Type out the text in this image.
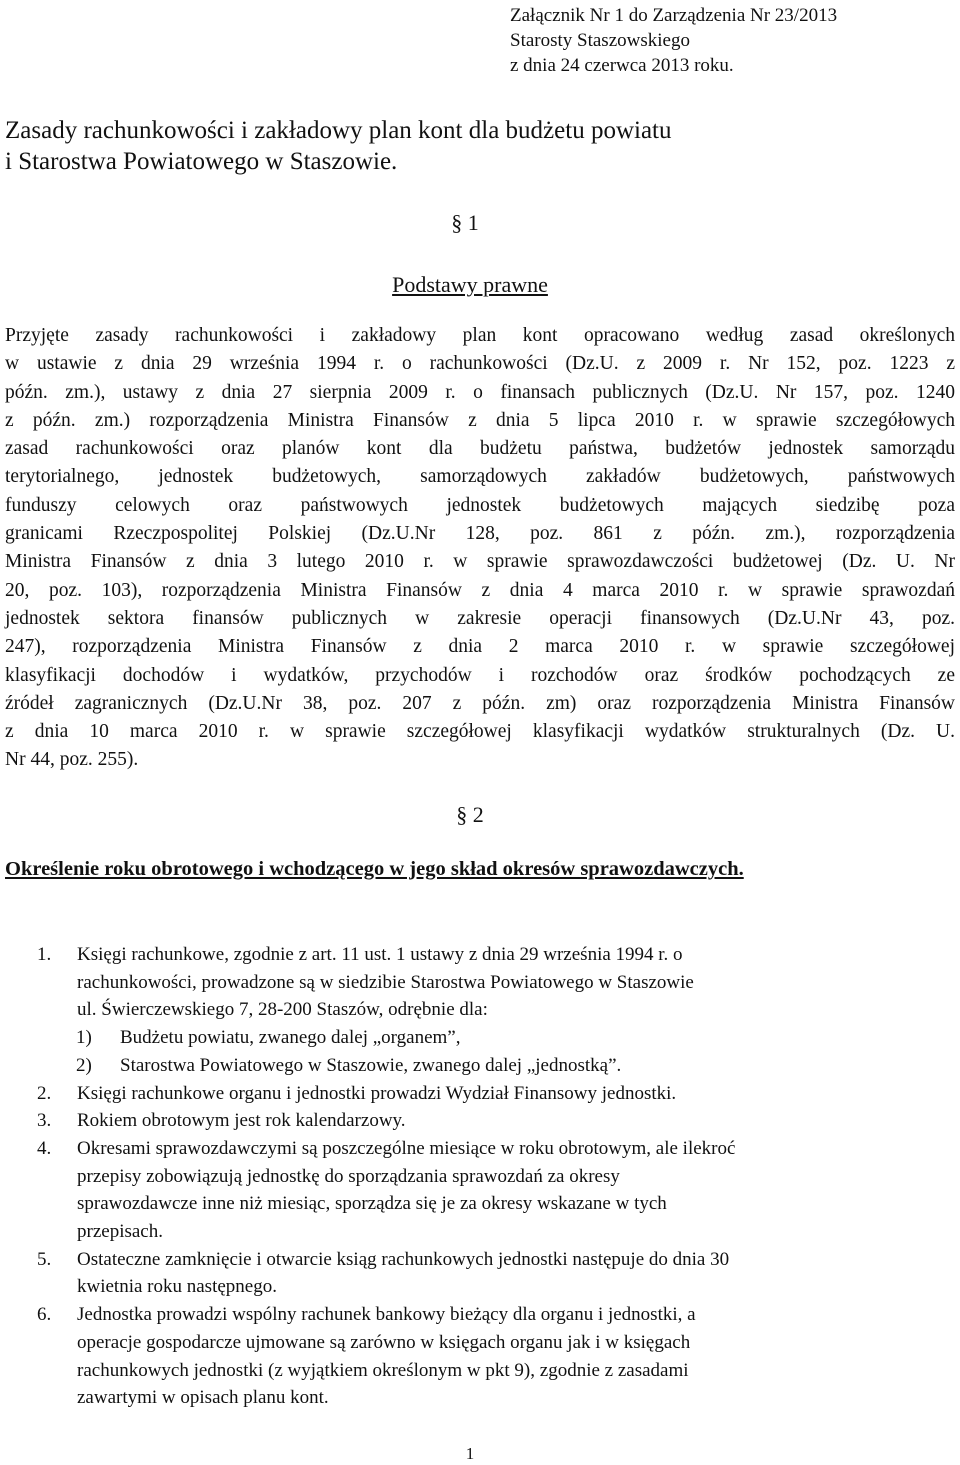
Załącznik Nr 1 do Zarządzenia Nr 23/2013
Starosty Staszowskiego
z dnia 24 czerwca 2013 roku.
Zasady rachunkowości i zakładowy plan kont dla budżetu powiatu
i Starostwa Powiatowego w Staszowie.
§ 1
Podstawy prawne
Przyjęte zasady rachunkowości i zakładowy plan kont opracowano według zasad określonych
w ustawie z dnia 29 września 1994 r. o rachunkowości (Dz.U. z 2009 r. Nr 152, poz. 1223 z
późn. zm.), ustawy z dnia 27 sierpnia 2009 r. o finansach publicznych (Dz.U. Nr 157, poz. 1240
z późn. zm.) rozporządzenia Ministra Finansów z dnia 5 lipca 2010 r. w sprawie szczegółowych
zasad rachunkowości oraz planów kont dla budżetu państwa, budżetów jednostek samorządu
terytorialnego, jednostek budżetowych, samorządowych zakładów budżetowych, państwowych
funduszy celowych oraz państwowych jednostek budżetowych mających siedzibę poza
granicami Rzeczpospolitej Polskiej (Dz.U.Nr 128, poz. 861 z późn. zm.), rozporządzenia
Ministra Finansów z dnia 3 lutego 2010 r. w sprawie sprawozdawczości budżetowej (Dz. U. Nr
20, poz. 103), rozporządzenia Ministra Finansów z dnia 4 marca 2010 r. w sprawie sprawozdań
jednostek sektora finansów publicznych w zakresie operacji finansowych (Dz.U.Nr 43, poz.
247), rozporządzenia Ministra Finansów z dnia 2 marca 2010 r. w sprawie szczegółowej
klasyfikacji dochodów i wydatków, przychodów i rozchodów oraz środków pochodzących ze
źródeł zagranicznych (Dz.U.Nr 38, poz. 207 z późn. zm) oraz rozporządzenia Ministra Finansów
z dnia 10 marca 2010 r. w sprawie szczegółowej klasyfikacji wydatków strukturalnych (Dz. U.
Nr 44, poz. 255).
§ 2
Określenie roku obrotowego i wchodzącego w jego skład okresów sprawozdawczych.
1.	Księgi rachunkowe, zgodnie z art. 11 ust. 1 ustawy z dnia 29 września 1994 r. o
rachunkowości, prowadzone są w siedzibie Starostwa Powiatowego w Staszowie
ul. Świerczewskiego 7, 28-200 Staszów, odrębnie dla:
1)	Budżetu powiatu, zwanego dalej „organem”,
2)	Starostwa Powiatowego w Staszowie, zwanego dalej „jednostką”.
2.	Księgi rachunkowe organu i jednostki prowadzi Wydział Finansowy jednostki.
3.	Rokiem obrotowym jest rok kalendarzowy.
4.	Okresami sprawozdawczymi są poszczególne miesiące w roku obrotowym, ale ilekroć
przepisy zobowiązują jednostkę do sporządzania sprawozdań za okresy
sprawozdawcze inne niż miesiąc, sporządza się je za okresy wskazane w tych
przepisach.
5.	Ostateczne zamknięcie i otwarcie ksiąg rachunkowych jednostki następuje do dnia 30
kwietnia roku następnego.
6.	Jednostka prowadzi wspólny rachunek bankowy bieżący dla organu i jednostki, a
operacje gospodarcze ujmowane są zarówno w księgach organu jak i w księgach
rachunkowych jednostki (z wyjątkiem określonym w pkt 9), zgodnie z zasadami
zawartymi w opisach planu kont.
1
